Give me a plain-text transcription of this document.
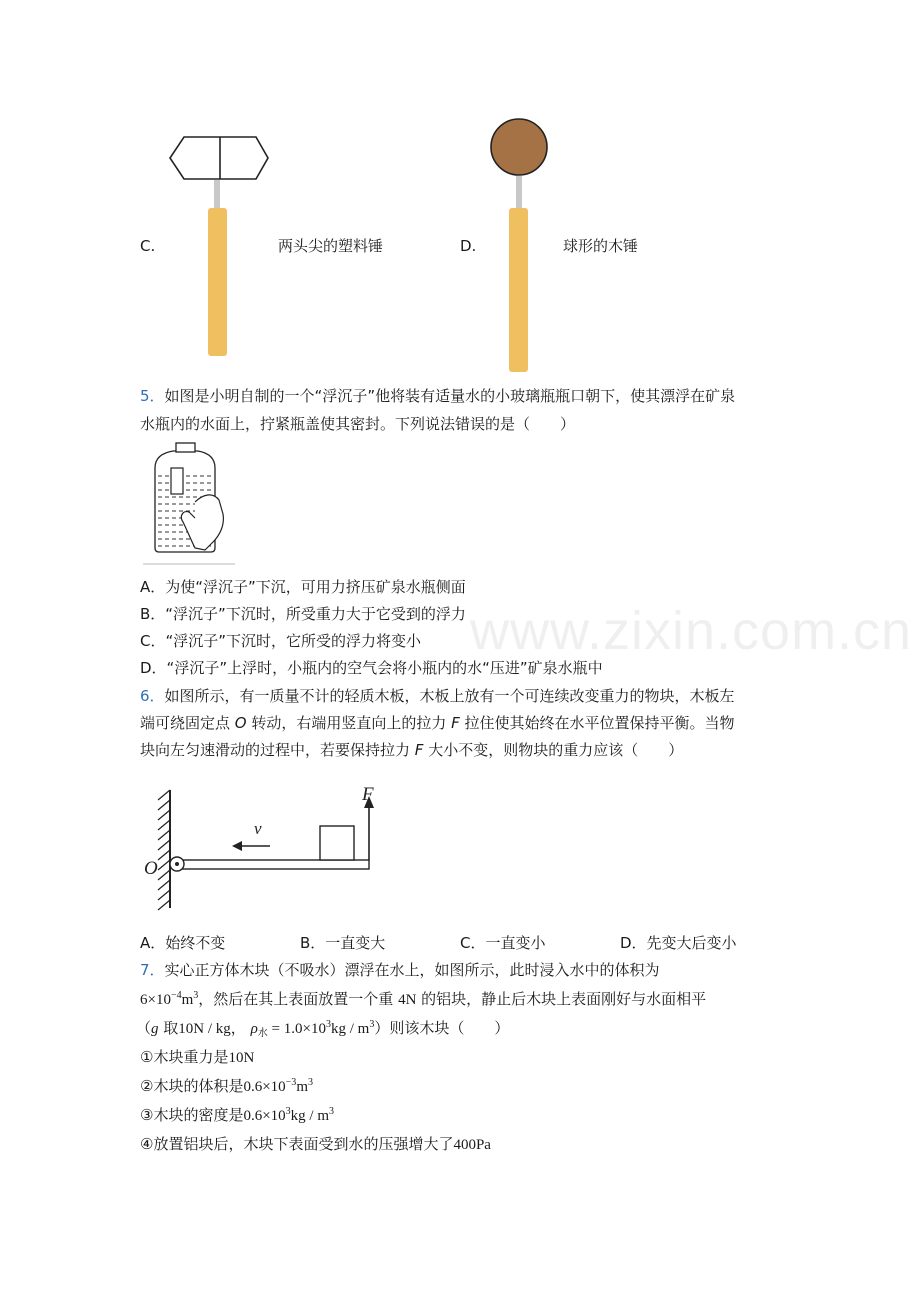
www.zixin.com.cn
C.	两头尖的塑料锤	D.	球形的木锤
5．如图是小明自制的一个“浮沉子”他将装有适量水的小玻璃瓶瓶口朝下，使其漂浮在矿泉
水瓶内的水面上，拧紧瓶盖使其密封。下列说法错误的是（　　）
A．为使“浮沉子”下沉，可用力挤压矿泉水瓶侧面
B．“浮沉子”下沉时，所受重力大于它受到的浮力
C．“浮沉子”下沉时，它所受的浮力将变小
D．“浮沉子”上浮时，小瓶内的空气会将小瓶内的水“压进”矿泉水瓶中
6．如图所示，有一质量不计的轻质木板，木板上放有一个可连续改变重力的物块，木板左
端可绕固定点 O 转动，右端用竖直向上的拉力 F 拉住使其始终在水平位置保持平衡。当物
块向左匀速滑动的过程中，若要保持拉力 F 大小不变，则物块的重力应该（　　）
F
v
O
A．始终不变	B．一直变大	C．一直变小	D．先变大后变小
7．实心正方体木块（不吸水）漂浮在水上，如图所示，此时浸入水中的体积为
$6\times 10^{-4}m^3$，然后在其上表面放置一个重 4N 的铝块，静止后木块上表面刚好与水面相平
（g 取10N / kg， $\rho_水 = 1.0\times 10^3kg / m^3$）则该木块（　　）
①木块重力是10N
②木块的体积是$0.6\times 10^{-3}m^3$
③木块的密度是$0.6\times 10^3kg / m^3$
④放置铝块后，木块下表面受到水的压强增大了400Pa
